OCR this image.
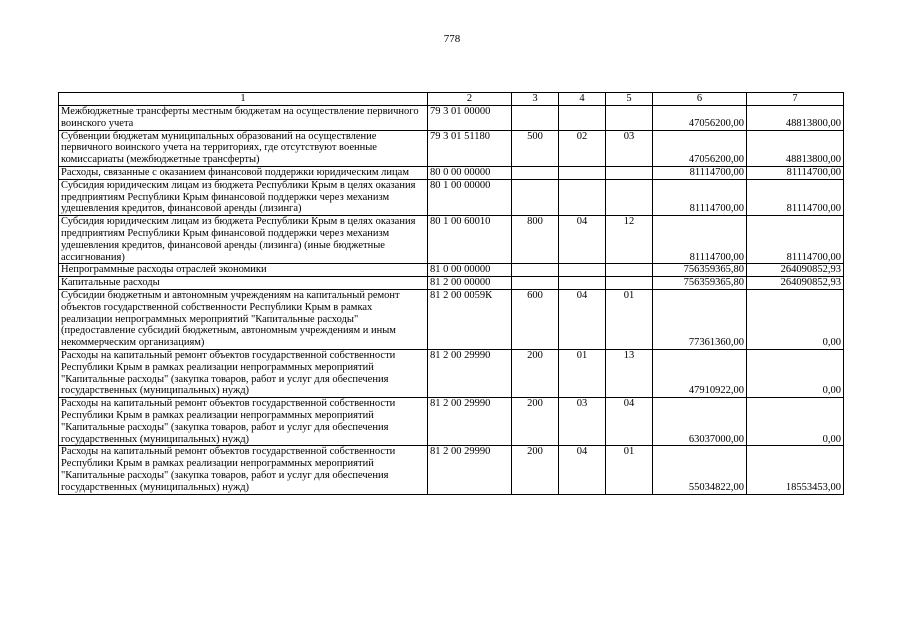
778
1	2	3	4	5	6	7
Межбюджетные трансферты местным бюджетам на осуществление первичного воинского учета	79 3 01 00000				47056200,00	48813800,00
Субвенции бюджетам муниципальных образований на осуществление первичного воинского учета на территориях, где отсутствуют военные комиссариаты (межбюджетные трансферты)	79 3 01 51180	500	02	03	47056200,00	48813800,00
Расходы, связанные с оказанием финансовой поддержки юридическим лицам	80 0 00 00000				81114700,00	81114700,00
Субсидия юридическим лицам из бюджета Республики Крым в целях оказания предприятиям Республики Крым финансовой поддержки через механизм удешевления кредитов, финансовой аренды (лизинга)	80 1 00 00000				81114700,00	81114700,00
Субсидия юридическим лицам из бюджета Республики Крым в целях оказания предприятиям Республики Крым финансовой поддержки через механизм удешевления кредитов, финансовой аренды (лизинга) (иные бюджетные ассигнования)	80 1 00 60010	800	04	12	81114700,00	81114700,00
Непрограммные расходы отраслей экономики	81 0 00 00000				756359365,80	264090852,93
Капитальные расходы	81 2 00 00000				756359365,80	264090852,93
Субсидии бюджетным и автономным учреждениям на капитальный ремонт объектов государственной собственности Республики Крым в рамках реализации непрограммных мероприятий "Капитальные расходы" (предоставление субсидий бюджетным, автономным учреждениям и иным некоммерческим организациям)	81 2 00 0059К	600	04	01	77361360,00	0,00
Расходы на капитальный ремонт объектов государственной собственности Республики Крым в рамках реализации непрограммных мероприятий "Капитальные расходы" (закупка товаров, работ и услуг для обеспечения государственных (муниципальных) нужд)	81 2 00 29990	200	01	13	47910922,00	0,00
Расходы на капитальный ремонт объектов государственной собственности Республики Крым в рамках реализации непрограммных мероприятий "Капитальные расходы" (закупка товаров, работ и услуг для обеспечения государственных (муниципальных) нужд)	81 2 00 29990	200	03	04	63037000,00	0,00
Расходы на капитальный ремонт объектов государственной собственности Республики Крым в рамках реализации непрограммных мероприятий "Капитальные расходы" (закупка товаров, работ и услуг для обеспечения государственных (муниципальных) нужд)	81 2 00 29990	200	04	01	55034822,00	18553453,00
